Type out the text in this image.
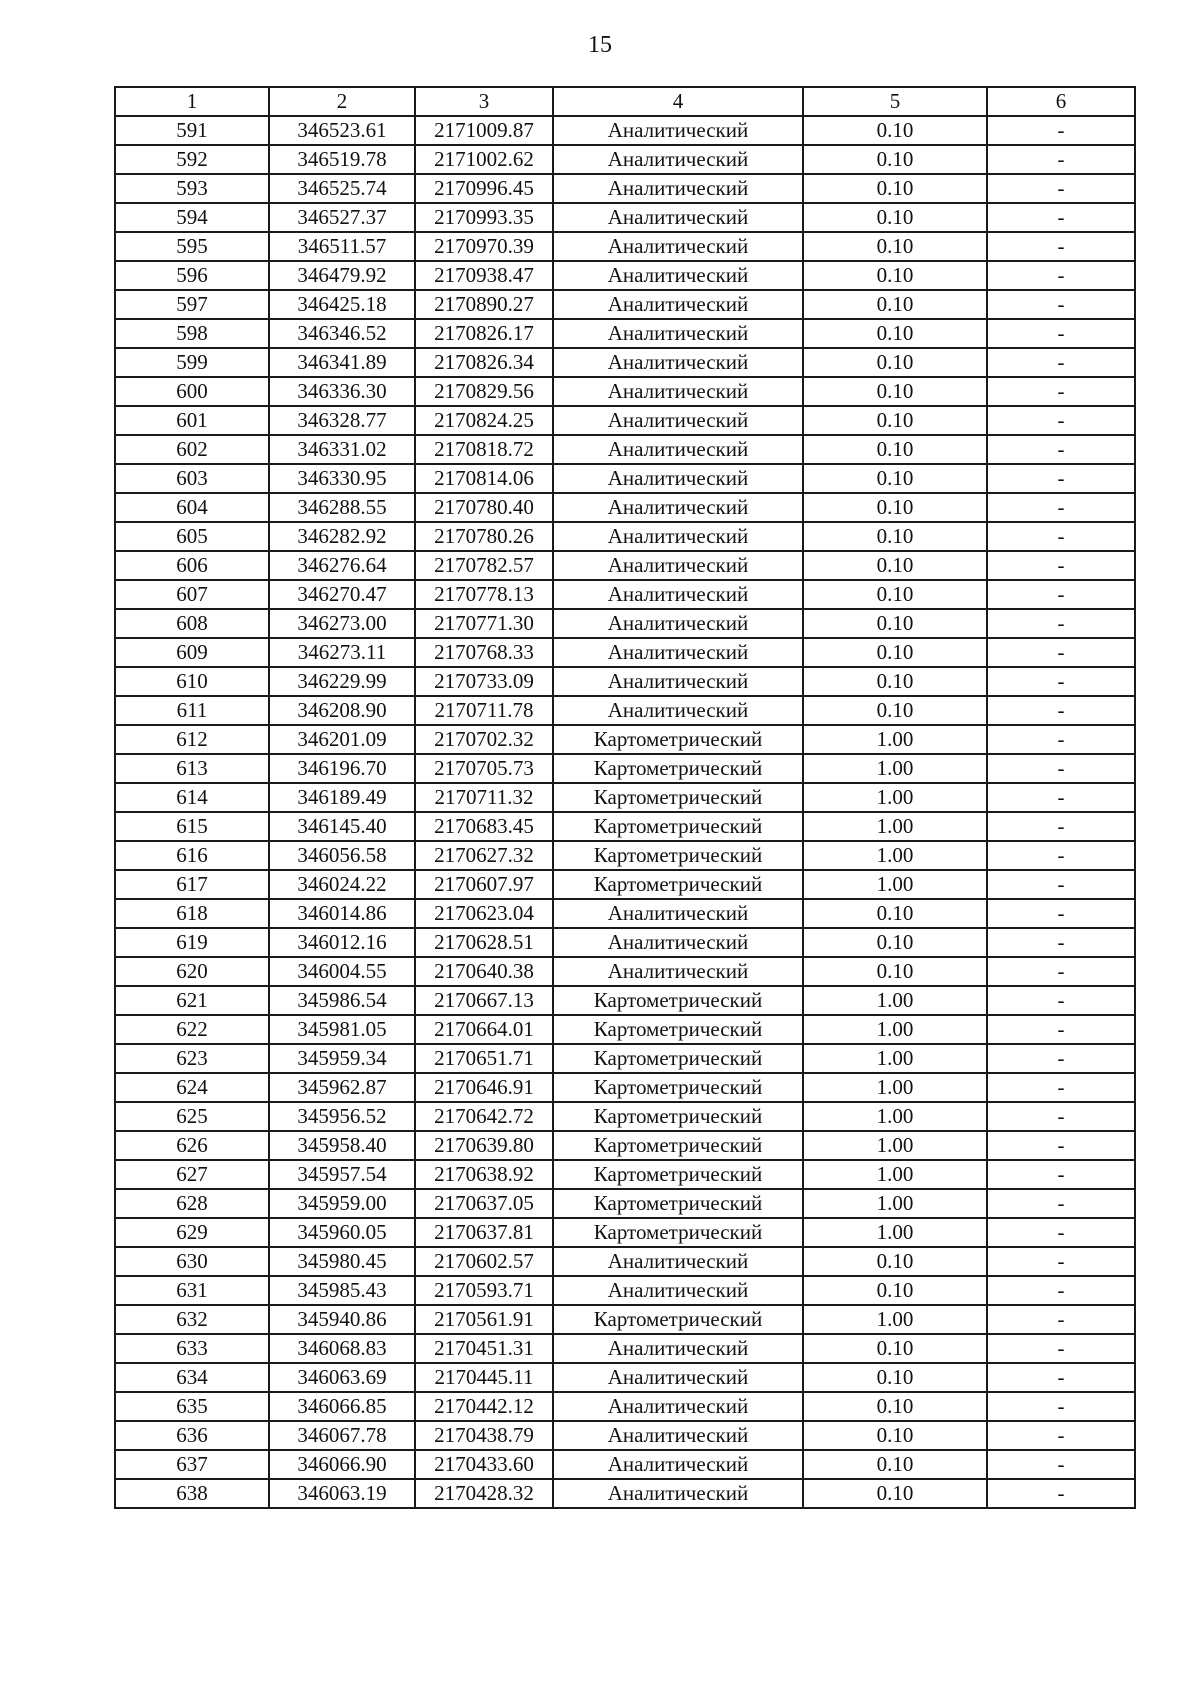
15
1	2	3	4	5	6
591	346523.61	2171009.87	Аналитический	0.10	-
592	346519.78	2171002.62	Аналитический	0.10	-
593	346525.74	2170996.45	Аналитический	0.10	-
594	346527.37	2170993.35	Аналитический	0.10	-
595	346511.57	2170970.39	Аналитический	0.10	-
596	346479.92	2170938.47	Аналитический	0.10	-
597	346425.18	2170890.27	Аналитический	0.10	-
598	346346.52	2170826.17	Аналитический	0.10	-
599	346341.89	2170826.34	Аналитический	0.10	-
600	346336.30	2170829.56	Аналитический	0.10	-
601	346328.77	2170824.25	Аналитический	0.10	-
602	346331.02	2170818.72	Аналитический	0.10	-
603	346330.95	2170814.06	Аналитический	0.10	-
604	346288.55	2170780.40	Аналитический	0.10	-
605	346282.92	2170780.26	Аналитический	0.10	-
606	346276.64	2170782.57	Аналитический	0.10	-
607	346270.47	2170778.13	Аналитический	0.10	-
608	346273.00	2170771.30	Аналитический	0.10	-
609	346273.11	2170768.33	Аналитический	0.10	-
610	346229.99	2170733.09	Аналитический	0.10	-
611	346208.90	2170711.78	Аналитический	0.10	-
612	346201.09	2170702.32	Картометрический	1.00	-
613	346196.70	2170705.73	Картометрический	1.00	-
614	346189.49	2170711.32	Картометрический	1.00	-
615	346145.40	2170683.45	Картометрический	1.00	-
616	346056.58	2170627.32	Картометрический	1.00	-
617	346024.22	2170607.97	Картометрический	1.00	-
618	346014.86	2170623.04	Аналитический	0.10	-
619	346012.16	2170628.51	Аналитический	0.10	-
620	346004.55	2170640.38	Аналитический	0.10	-
621	345986.54	2170667.13	Картометрический	1.00	-
622	345981.05	2170664.01	Картометрический	1.00	-
623	345959.34	2170651.71	Картометрический	1.00	-
624	345962.87	2170646.91	Картометрический	1.00	-
625	345956.52	2170642.72	Картометрический	1.00	-
626	345958.40	2170639.80	Картометрический	1.00	-
627	345957.54	2170638.92	Картометрический	1.00	-
628	345959.00	2170637.05	Картометрический	1.00	-
629	345960.05	2170637.81	Картометрический	1.00	-
630	345980.45	2170602.57	Аналитический	0.10	-
631	345985.43	2170593.71	Аналитический	0.10	-
632	345940.86	2170561.91	Картометрический	1.00	-
633	346068.83	2170451.31	Аналитический	0.10	-
634	346063.69	2170445.11	Аналитический	0.10	-
635	346066.85	2170442.12	Аналитический	0.10	-
636	346067.78	2170438.79	Аналитический	0.10	-
637	346066.90	2170433.60	Аналитический	0.10	-
638	346063.19	2170428.32	Аналитический	0.10	-
